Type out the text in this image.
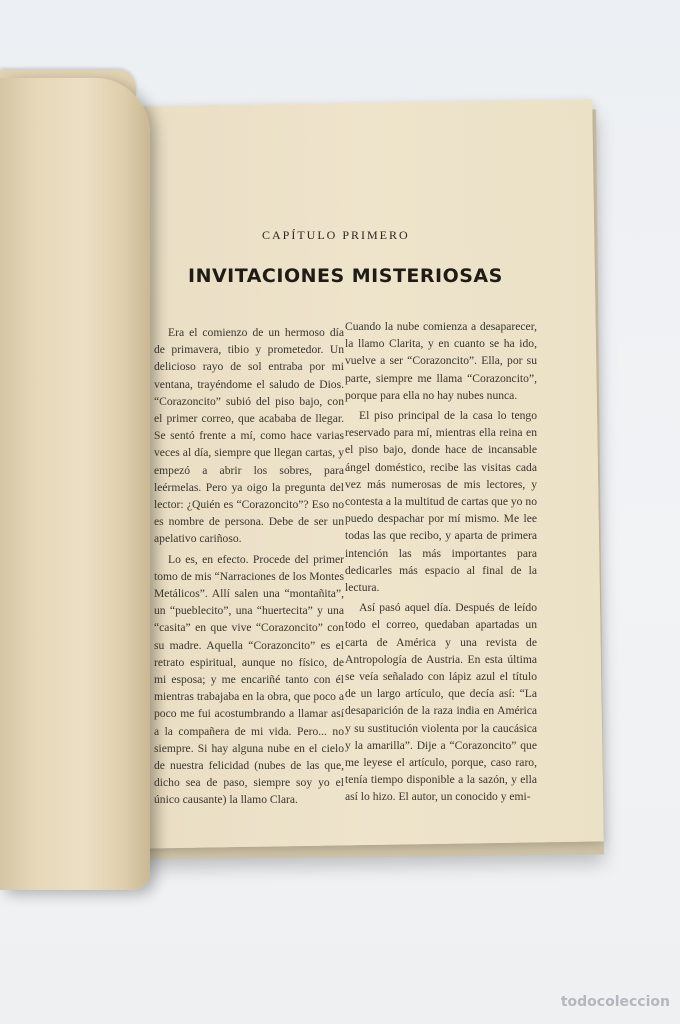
CAPÍTULO PRIMERO
INVITACIONES MISTERIOSAS

Era el comienzo de un hermoso día de primavera, tibio y prometedor. Un delicioso rayo de sol entraba por mi ventana, trayéndome el saludo de Dios. “Corazoncito” subió del piso bajo, con el primer correo, que acababa de llegar. Se sentó frente a mí, como hace varias veces al día, siempre que llegan cartas, y empezó a abrir los sobres, para leérmelas. Pero ya oigo la pregunta del lector: ¿Quién es “Corazoncito”? Eso no es nombre de persona. Debe de ser un apelativo cariñoso.

Lo es, en efecto. Procede del primer tomo de mis “Narraciones de los Montes Metálicos”. Allí salen una “montañita”, un “pueblecito”, una “huertecita” y una “casita” en que vive “Corazoncito” con su madre. Aquella “Corazoncito” es el retrato espiritual, aunque no físico, de mi esposa; y me encariñé tanto con él mientras trabajaba en la obra, que poco a poco me fui acostumbrando a llamar así a la compañera de mi vida. Pero... no siempre. Si hay alguna nube en el cielo de nuestra felicidad (nubes de las que, dicho sea de paso, siempre soy yo el único causante) la llamo Clara.

Cuando la nube comienza a desaparecer, la llamo Clarita, y en cuanto se ha ido, vuelve a ser “Corazoncito”. Ella, por su parte, siempre me llama “Corazoncito”, porque para ella no hay nubes nunca.

El piso principal de la casa lo tengo reservado para mí, mientras ella reina en el piso bajo, donde hace de incansable ángel doméstico, recibe las visitas cada vez más numerosas de mis lectores, y contesta a la multitud de cartas que yo no puedo despachar por mí mismo. Me lee todas las que recibo, y aparta de primera intención las más importantes para dedicarles más espacio al final de la lectura.

Así pasó aquel día. Después de leído todo el correo, quedaban apartadas un carta de América y una revista de Antropología de Austria. En esta última se veía señalado con lápiz azul el título de un largo artículo, que decía así: “La desaparición de la raza india en América y su sustitución violenta por la caucásica y la amarilla”. Dije a “Corazoncito” que me leyese el artículo, porque, caso raro, tenía tiempo disponible a la sazón, y ella así lo hizo. El autor, un conocido y emi-

todocoleccion
